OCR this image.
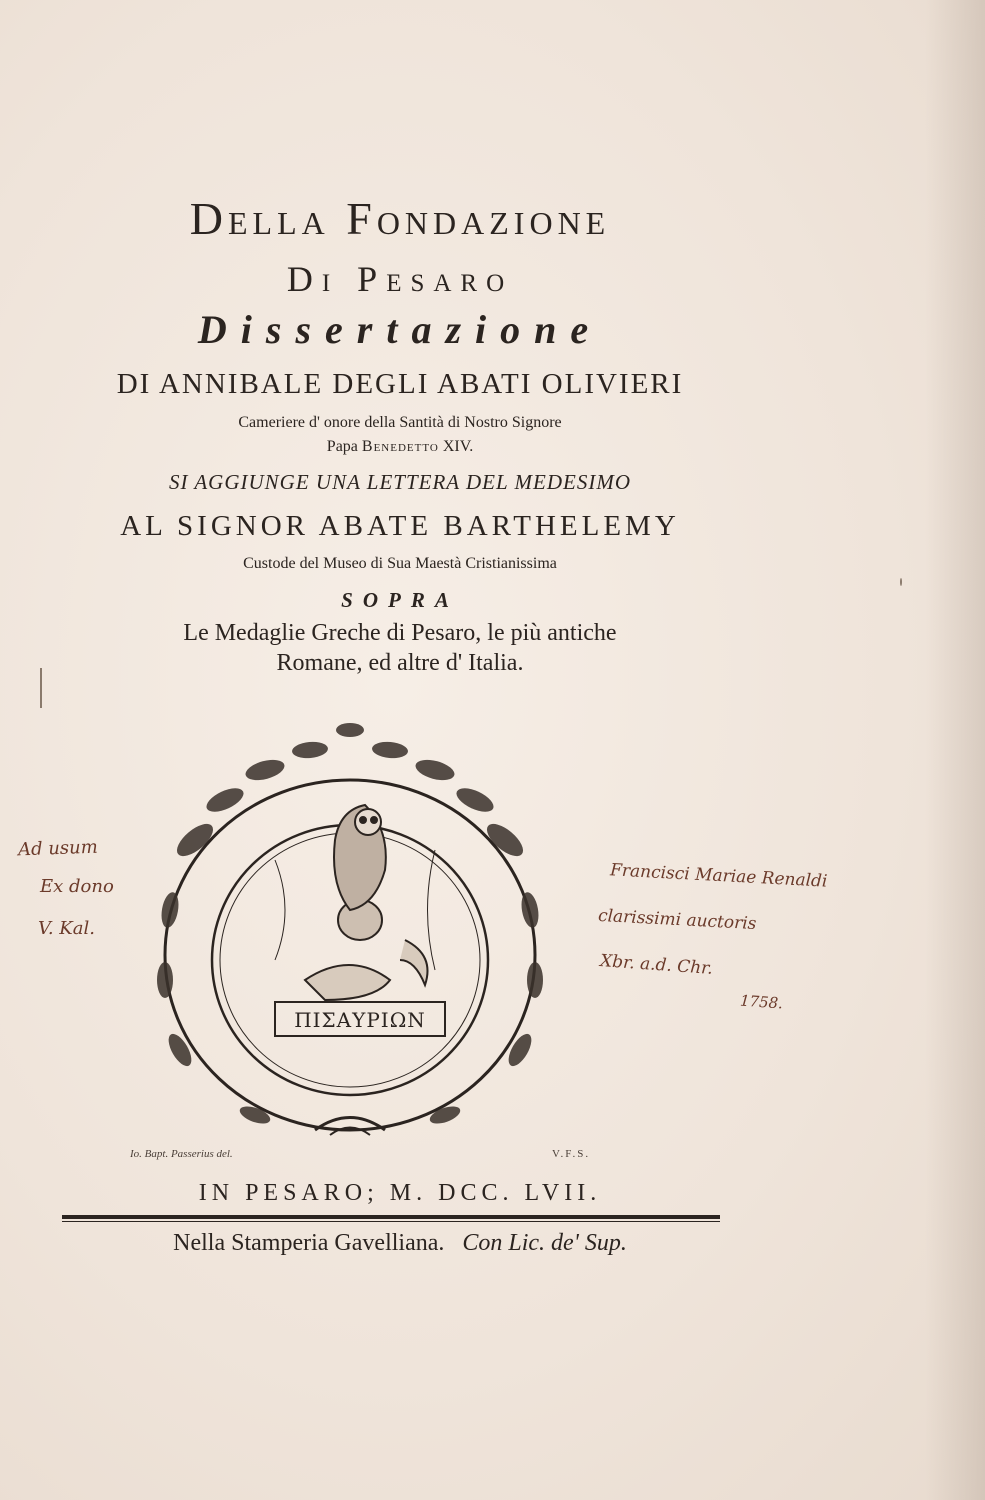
Della Fondazione
Di Pesaro
Dissertazione
DI ANNIBALE DEGLI ABATI OLIVIERI
Cameriere d' onore della Santità di Nostro Signore
Papa Benedetto XIV.
SI AGGIUNGE UNA LETTERA DEL MEDESIMO
AL SIGNOR ABATE BARTHELEMY
Custode del Museo di Sua Maestà Cristianissima
SOPRA
Le Medaglie Greche di Pesaro, le più antiche
Romane, ed altre d' Italia.
ΠΙΣΑΥΡΙΩΝ
Io. Bapt. Passerius del.	V.F.S.
IN PESARO; M. DCC. LVII.
Nella Stamperia Gavelliana. Con Lic. de' Sup.
Ad usum
Ex dono
V. Kal.
Francisci Mariae Renaldi
clarissimi auctoris
Xbr. a.d. Chr.
1758.
